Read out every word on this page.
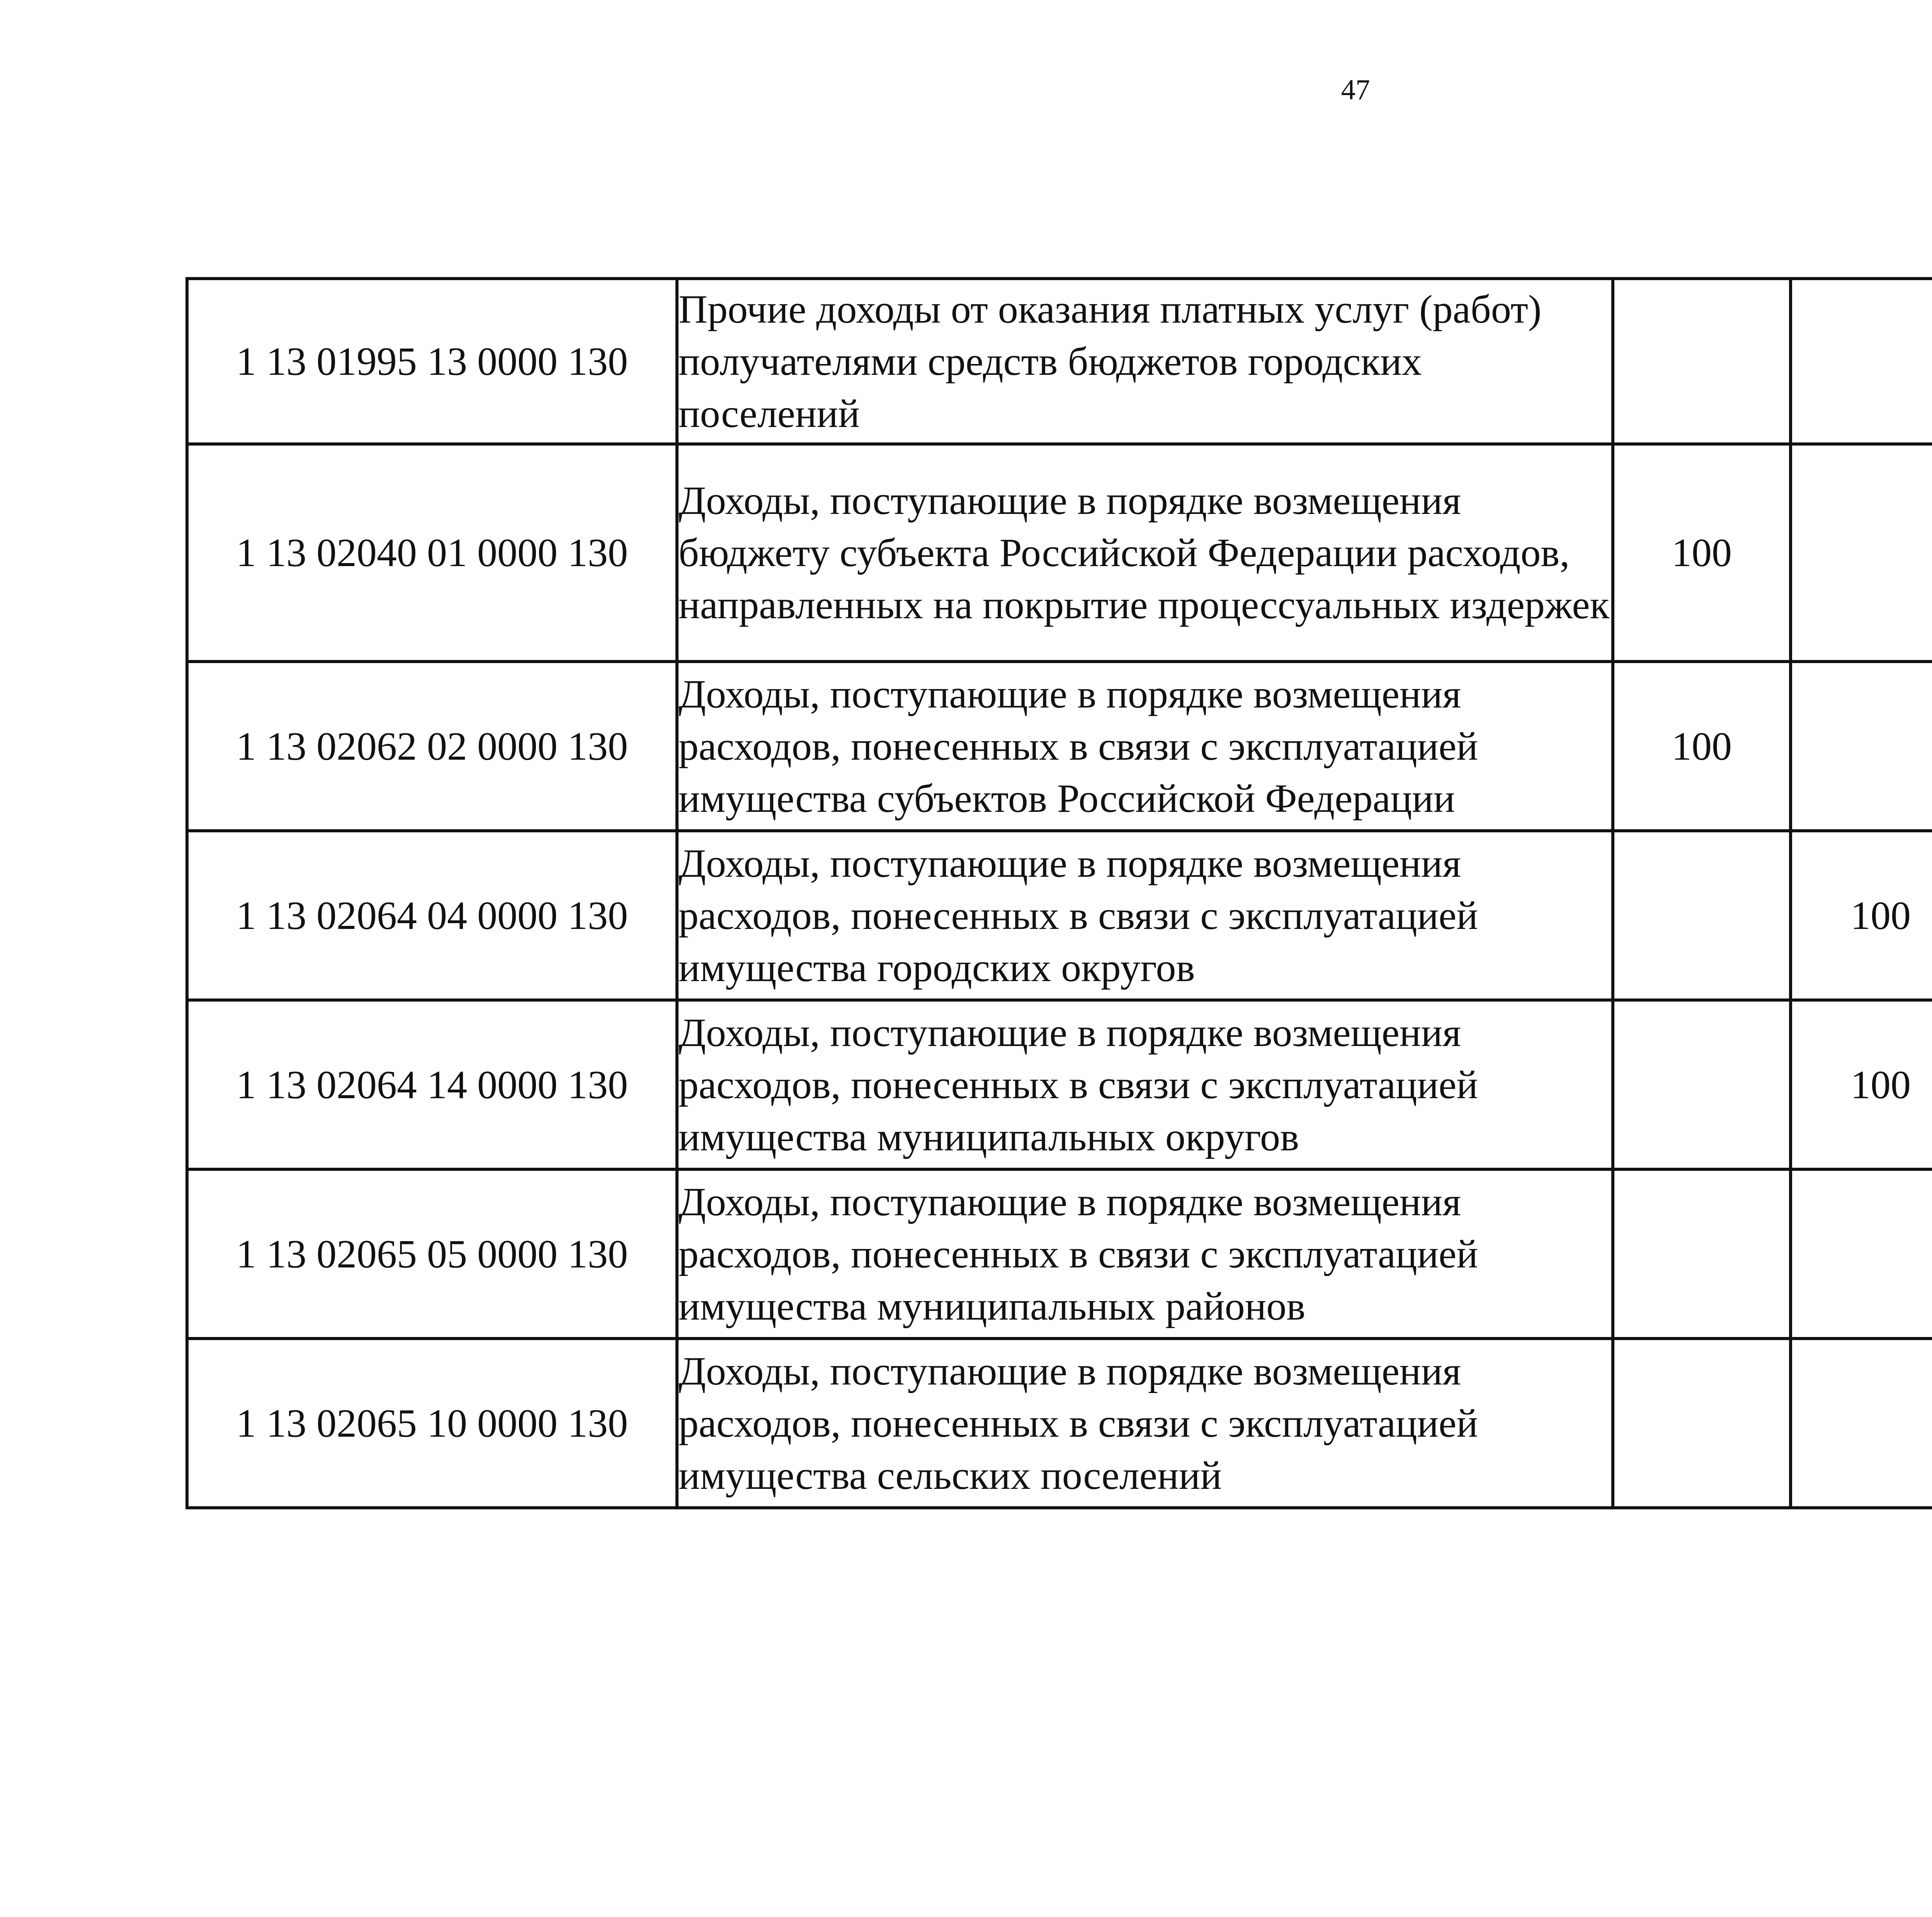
47
1 13 01995 13 0000 130	Прочие доходы от оказания платных услуг (работ) получателями средств бюджетов городских поселений					
1 13 02040 01 0000 130	Доходы, поступающие в порядке возмещения бюджету субъекта Российской Федерации расходов, направленных на покрытие процессуальных издержек	100				
1 13 02062 02 0000 130	Доходы, поступающие в порядке возмещения расходов, понесенных в связи с эксплуатацией имущества субъектов Российской Федерации	100				
1 13 02064 04 0000 130	Доходы, поступающие в порядке возмещения расходов, понесенных в связи с эксплуатацией имущества городских округов		100			
1 13 02064 14 0000 130	Доходы, поступающие в порядке возмещения расходов, понесенных в связи с эксплуатацией имущества муниципальных округов		100			
1 13 02065 05 0000 130	Доходы, поступающие в порядке возмещения расходов, понесенных в связи с эксплуатацией имущества муниципальных районов					
1 13 02065 10 0000 130	Доходы, поступающие в порядке возмещения расходов, понесенных в связи с эксплуатацией имущества сельских поселений					
